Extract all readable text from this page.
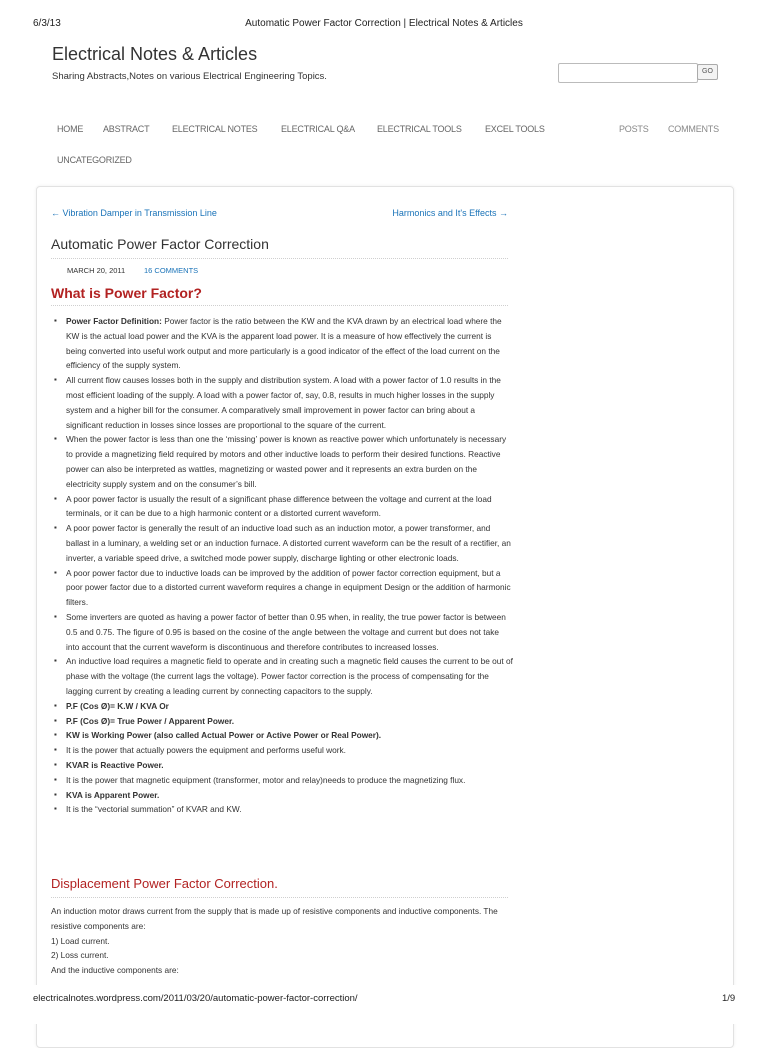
6/3/13	Automatic Power Factor Correction | Electrical Notes & Articles
Electrical Notes & Articles
Sharing Abstracts,Notes on various Electrical Engineering Topics.	GO
HOME ABSTRACT	ELECTRICAL NOTES	ELECTRICAL Q&A ELECTRICAL TOOLS	EXCEL TOOLS
UNCATEGORIZED
POSTS COMMENTS
← Vibration Damper in Transmission Line	Harmonics and It's Effects →
Automatic Power Factor Correction
MARCH 20, 2011	16 COMMENTS
What is Power Factor?
▪ Power Factor Definition: Power factor is the ratio between the KW and the KVA drawn by an electrical load where the KW is the actual load power and the KVA is the apparent load power. It is a measure of how effectively the current is being converted into useful work output and more particularly is a good indicator of the effect of the load current on the efficiency of the supply system.
▪ All current flow causes losses both in the supply and distribution system. A load with a power factor of 1.0 results in the most efficient loading of the supply. A load with a power factor of, say, 0.8, results in much higher losses in the supply system and a higher bill for the consumer. A comparatively small improvement in power factor can bring about a significant reduction in losses since losses are proportional to the square of the current.
▪ When the power factor is less than one the ‘missing’ power is known as reactive power which unfortunately is necessary to provide a magnetizing field required by motors and other inductive loads to perform their desired functions. Reactive power can also be interpreted as wattles, magnetizing or wasted power and it represents an extra burden on the electricity supply system and on the consumer’s bill.
▪ A poor power factor is usually the result of a significant phase difference between the voltage and current at the load terminals, or it can be due to a high harmonic content or a distorted current waveform.
▪ A poor power factor is generally the result of an inductive load such as an induction motor, a power transformer, and ballast in a luminary, a welding set or an induction furnace. A distorted current waveform can be the result of a rectifier, an inverter, a variable speed drive, a switched mode power supply, discharge lighting or other electronic loads.
▪ A poor power factor due to inductive loads can be improved by the addition of power factor correction equipment, but a poor power factor due to a distorted current waveform requires a change in equipment Design or the addition of harmonic filters.
▪ Some inverters are quoted as having a power factor of better than 0.95 when, in reality, the true power factor is between 0.5 and 0.75. The figure of 0.95 is based on the cosine of the angle between the voltage and current but does not take into account that the current waveform is discontinuous and therefore contributes to increased losses.
▪ An inductive load requires a magnetic field to operate and in creating such a magnetic field causes the current to be out of phase with the voltage (the current lags the voltage). Power factor correction is the process of compensating for the lagging current by creating a leading current by connecting capacitors to the supply.
▪ P.F (Cos Ø)= K.W / KVA Or
▪ P.F (Cos Ø)= True Power / Apparent Power.
▪ KW is Working Power (also called Actual Power or Active Power or Real Power).
▪ It is the power that actually powers the equipment and performs useful work.
▪ KVAR is Reactive Power.
▪ It is the power that magnetic equipment (transformer, motor and relay)needs to produce the magnetizing flux.
▪ KVA is Apparent Power.
▪ It is the “vectorial summation” of KVAR and KW.
Displacement Power Factor Correction.
An induction motor draws current from the supply that is made up of resistive components and inductive components. The resistive components are:
1) Load current.
2) Loss current.
And the inductive components are:
electricalnotes.wordpress.com/2011/03/20/automatic-power-factor-correction/	1/9
